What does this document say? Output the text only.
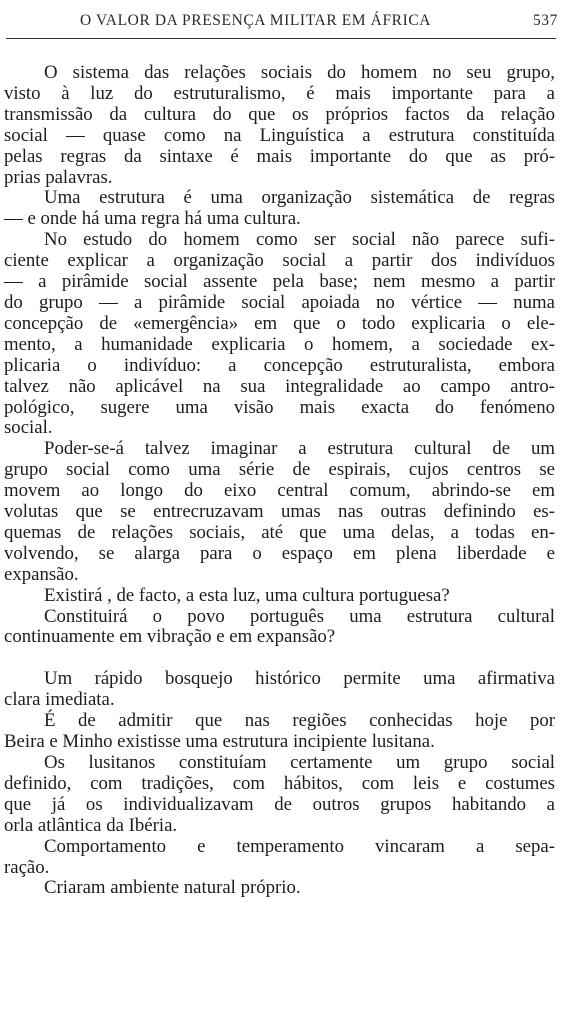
O VALOR DA PRESENÇA MILITAR EM ÁFRICA	537

O sistema das relações sociais do homem no seu grupo,
visto à luz do estruturalismo, é mais importante para a
transmissão da cultura do que os próprios factos da relação
social — quase como na Linguística a estrutura constituída
pelas regras da sintaxe é mais importante do que as pró-
prias palavras.

Uma estrutura é uma organização sistemática de regras
— e onde há uma regra há uma cultura.

No estudo do homem como ser social não parece sufi-
ciente explicar a organização social a partir dos indivíduos
— a pirâmide social assente pela base; nem mesmo a partir
do grupo — a pirâmide social apoiada no vértice — numa
concepção de «emergência» em que o todo explicaria o ele-
mento, a humanidade explicaria o homem, a sociedade ex-
plicaria o indivíduo: a concepção estruturalista, embora
talvez não aplicável na sua integralidade ao campo antro-
pológico, sugere uma visão mais exacta do fenómeno
social.

Poder-se-á talvez imaginar a estrutura cultural de um
grupo social como uma série de espirais, cujos centros se
movem ao longo do eixo central comum, abrindo-se em
volutas que se entrecruzavam umas nas outras definindo es-
quemas de relações sociais, até que uma delas, a todas en-
volvendo, se alarga para o espaço em plena liberdade e
expansão.

Existirá , de facto, a esta luz, uma cultura portuguesa?

Constituirá o povo português uma estrutura cultural
continuamente em vibração e em expansão?

Um rápido bosquejo histórico permite uma afirmativa
clara imediata.

É de admitir que nas regiões conhecidas hoje por
Beira e Minho existisse uma estrutura incipiente lusitana.

Os lusitanos constituíam certamente um grupo social
definido, com tradições, com hábitos, com leis e costumes
que já os individualizavam de outros grupos habitando a
orla atlântica da Ibéria.

Comportamento e temperamento vincaram a sepa-
ração.

Criaram ambiente natural próprio.
